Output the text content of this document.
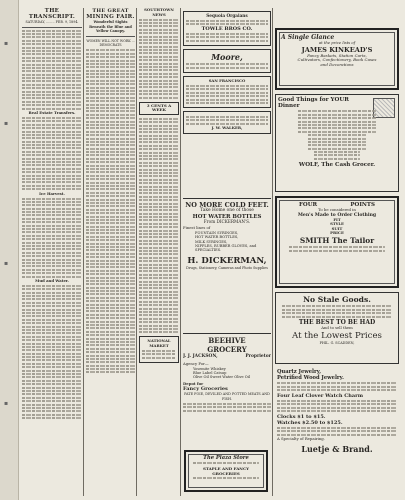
▪
▪
▪
▪
THE TRANSCRIPT.
SATURDAY, ........ FEB. 9, 1894.
Real Estate Transfers.
Ice Harvest.
Mud and Water.
THE GREAT
MINING FAIR.
Wonderful Sights Beneath the Blue and Yellow Canopy.
WOMEN WILL NOT WORK ... DEMOCRATS
SOUTHTOWN NEWS
3 CENTS A WEEK
NATIONAL MARKET
Sequoia Orgaians
TOWLE BROS CO.
Moore,
SAN FRANCISCO
J. W. WALKER,
NO MORE COLD FEET.
Take Home one of those
HOT WATER BOTTLES
From DICKERMAN'S.
Finest lines of
FOUNTAIN SYRINGES,
HOT WATER BOTTLES,
MILK SYRINGES,
NIPPLES, RUBBER GLOVES, and
SPECIALTIES.
H. DICKERMAN,
Drugs, Stationery, Cameras and Photo Supplies
BEEHIVE
GROCERY
J. J. JACKSON,	Proprietor
Agency For—
Yosemite Whiskey
Blue Label Catsup
Olive Oil Sweet Water Olive Oil
Depot for
Fancy Groceries
PATE FOIE, DEVILED AND POTTED MEATS AND FISH.
The Plaza Store
STAPLE AND FANCY GROCERIES
A Single Glance
at the price lists of
JAMES KINKEAD'S
Fancy Baskets, Station Carts,
Cultivators, Confectionery, Book Cases
and Decorations
Good Things for YOUR
Dinner
WOLF, The Cash Grocer.
FOUR	POINTS
To be considered in
Men's Made to Order Clothing
FIT
STYLE
SUIT
PRICE
SMITH The Tailor
No Stale Goods.
THE BEST TO BE HAD
And to sell them
At the Lowest Prices
PHIL. G. SCADDEN,
Quartz Jewelry,
Petrified Wood Jewelry.
Four Leaf Clover Watch Charm
Clocks $1 to $15.
Watches $2.50 to $125.
A Specialty of Repairing.
Luetje & Brand.
